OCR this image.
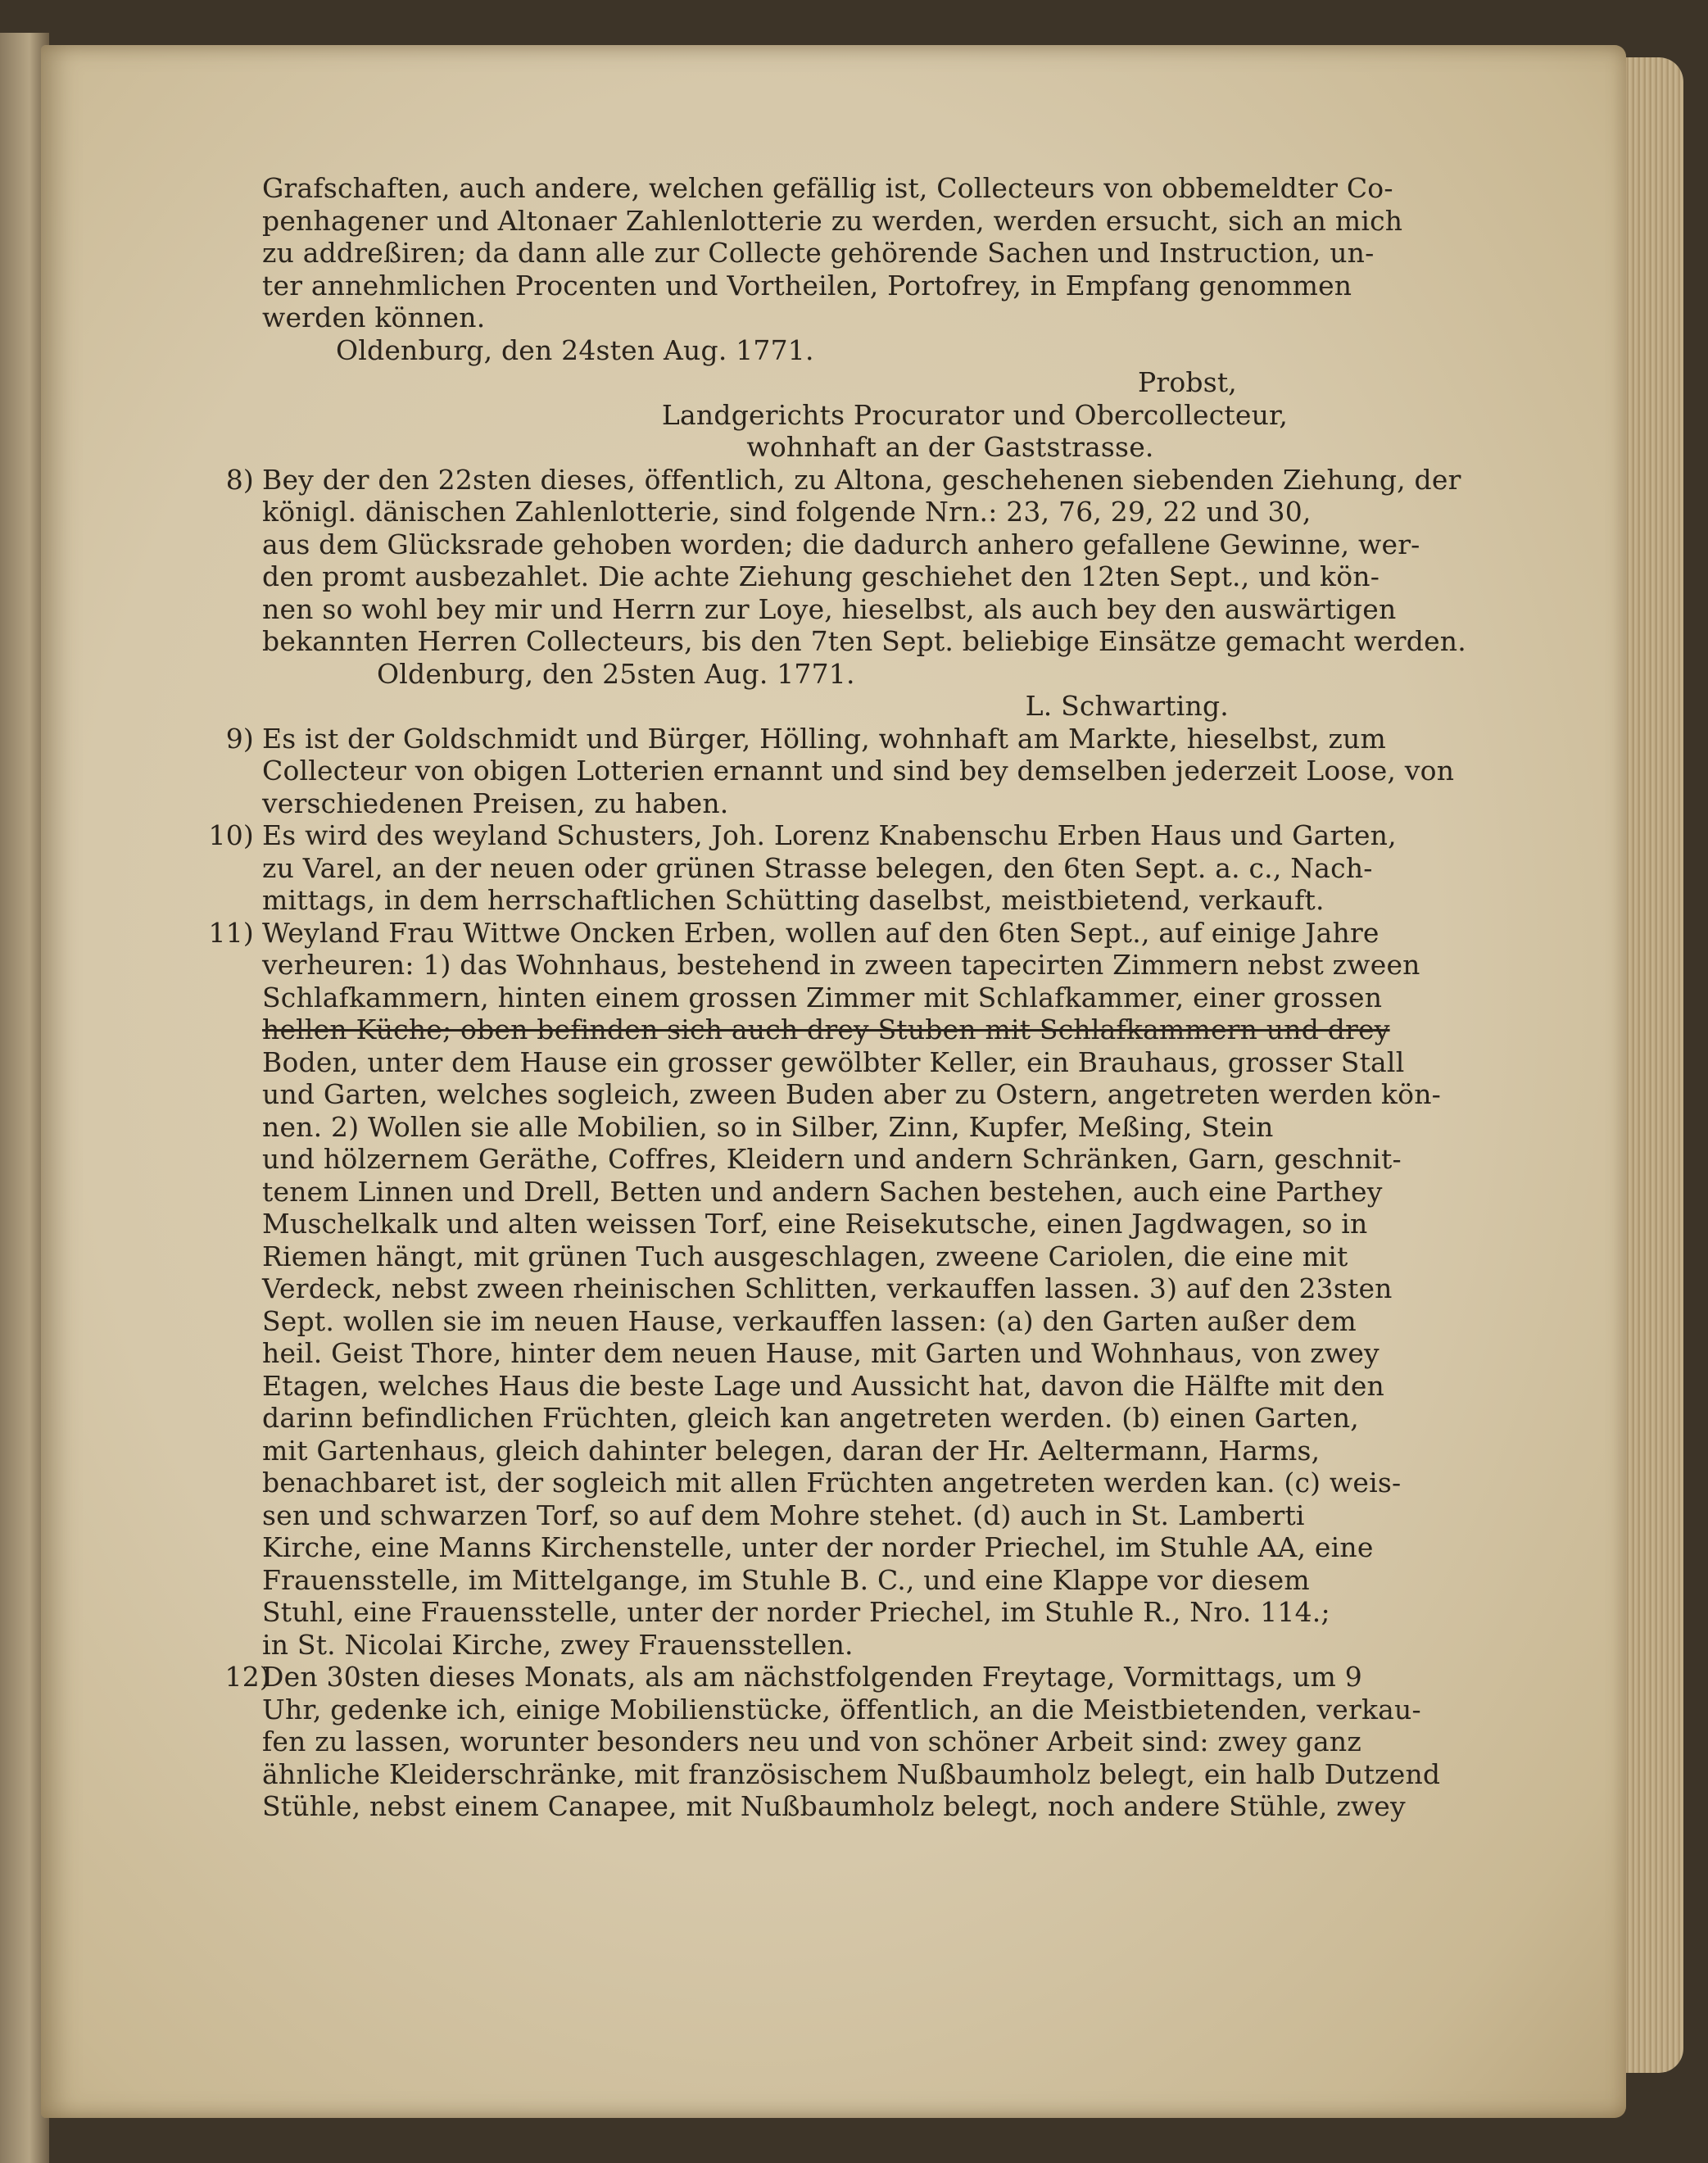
Grafschaften, auch andere, welchen gefällig ist, Collecteurs von obbemeldter Co-
penhagener und Altonaer Zahlenlotterie zu werden, werden ersucht, sich an mich
zu addreßiren; da dann alle zur Collecte gehörende Sachen und Instruction, un-
ter annehmlichen Procenten und Vortheilen, Portofrey, in Empfang genommen
werden können.
Oldenburg, den 24sten Aug. 1771.
Probst,
Landgerichts Procurator und Obercollecteur,
wohnhaft an der Gaststrasse.
8) Bey der den 22sten dieses, öffentlich, zu Altona, geschehenen siebenden Ziehung, der
königl. dänischen Zahlenlotterie, sind folgende Nrn.: 23, 76, 29, 22 und 30,
aus dem Glücksrade gehoben worden; die dadurch anhero gefallene Gewinne, wer-
den promt ausbezahlet. Die achte Ziehung geschiehet den 12ten Sept., und kön-
nen so wohl bey mir und Herrn zur Loye, hieselbst, als auch bey den auswärtigen
bekannten Herren Collecteurs, bis den 7ten Sept. beliebige Einsätze gemacht werden.
Oldenburg, den 25sten Aug. 1771.
L. Schwarting.
9) Es ist der Goldschmidt und Bürger, Hölling, wohnhaft am Markte, hieselbst, zum
Collecteur von obigen Lotterien ernannt und sind bey demselben jederzeit Loose, von
verschiedenen Preisen, zu haben.
10) Es wird des weyland Schusters, Joh. Lorenz Knabenschu Erben Haus und Garten,
zu Varel, an der neuen oder grünen Strasse belegen, den 6ten Sept. a. c., Nach-
mittags, in dem herrschaftlichen Schütting daselbst, meistbietend, verkauft.
11) Weyland Frau Wittwe Oncken Erben, wollen auf den 6ten Sept., auf einige Jahre
verheuren: 1) das Wohnhaus, bestehend in zween tapecirten Zimmern nebst zween
Schlafkammern, hinten einem grossen Zimmer mit Schlafkammer, einer grossen
hellen Küche; oben befinden sich auch drey Stuben mit Schlafkammern und drey
Boden, unter dem Hause ein grosser gewölbter Keller, ein Brauhaus, grosser Stall
und Garten, welches sogleich, zween Buden aber zu Ostern, angetreten werden kön-
nen. 2) Wollen sie alle Mobilien, so in Silber, Zinn, Kupfer, Meßing, Stein
und hölzernem Geräthe, Coffres, Kleidern und andern Schränken, Garn, geschnit-
tenem Linnen und Drell, Betten und andern Sachen bestehen, auch eine Parthey
Muschelkalk und alten weissen Torf, eine Reisekutsche, einen Jagdwagen, so in
Riemen hängt, mit grünen Tuch ausgeschlagen, zweene Cariolen, die eine mit
Verdeck, nebst zween rheinischen Schlitten, verkauffen lassen. 3) auf den 23sten
Sept. wollen sie im neuen Hause, verkauffen lassen: (a) den Garten außer dem
heil. Geist Thore, hinter dem neuen Hause, mit Garten und Wohnhaus, von zwey
Etagen, welches Haus die beste Lage und Aussicht hat, davon die Hälfte mit den
darinn befindlichen Früchten, gleich kan angetreten werden. (b) einen Garten,
mit Gartenhaus, gleich dahinter belegen, daran der Hr. Aeltermann, Harms,
benachbaret ist, der sogleich mit allen Früchten angetreten werden kan. (c) weis-
sen und schwarzen Torf, so auf dem Mohre stehet. (d) auch in St. Lamberti
Kirche, eine Manns Kirchenstelle, unter der norder Priechel, im Stuhle AA, eine
Frauensstelle, im Mittelgange, im Stuhle B. C., und eine Klappe vor diesem
Stuhl, eine Frauensstelle, unter der norder Priechel, im Stuhle R., Nro. 114.;
in St. Nicolai Kirche, zwey Frauensstellen.
12)
Den 30sten dieses Monats, als am nächstfolgenden Freytage, Vormittags, um 9
Uhr, gedenke ich, einige Mobilienstücke, öffentlich, an die Meistbietenden, verkau-
fen zu lassen, worunter besonders neu und von schöner Arbeit sind: zwey ganz
ähnliche Kleiderschränke, mit französischem Nußbaumholz belegt, ein halb Dutzend
Stühle, nebst einem Canapee, mit Nußbaumholz belegt, noch andere Stühle, zwey
